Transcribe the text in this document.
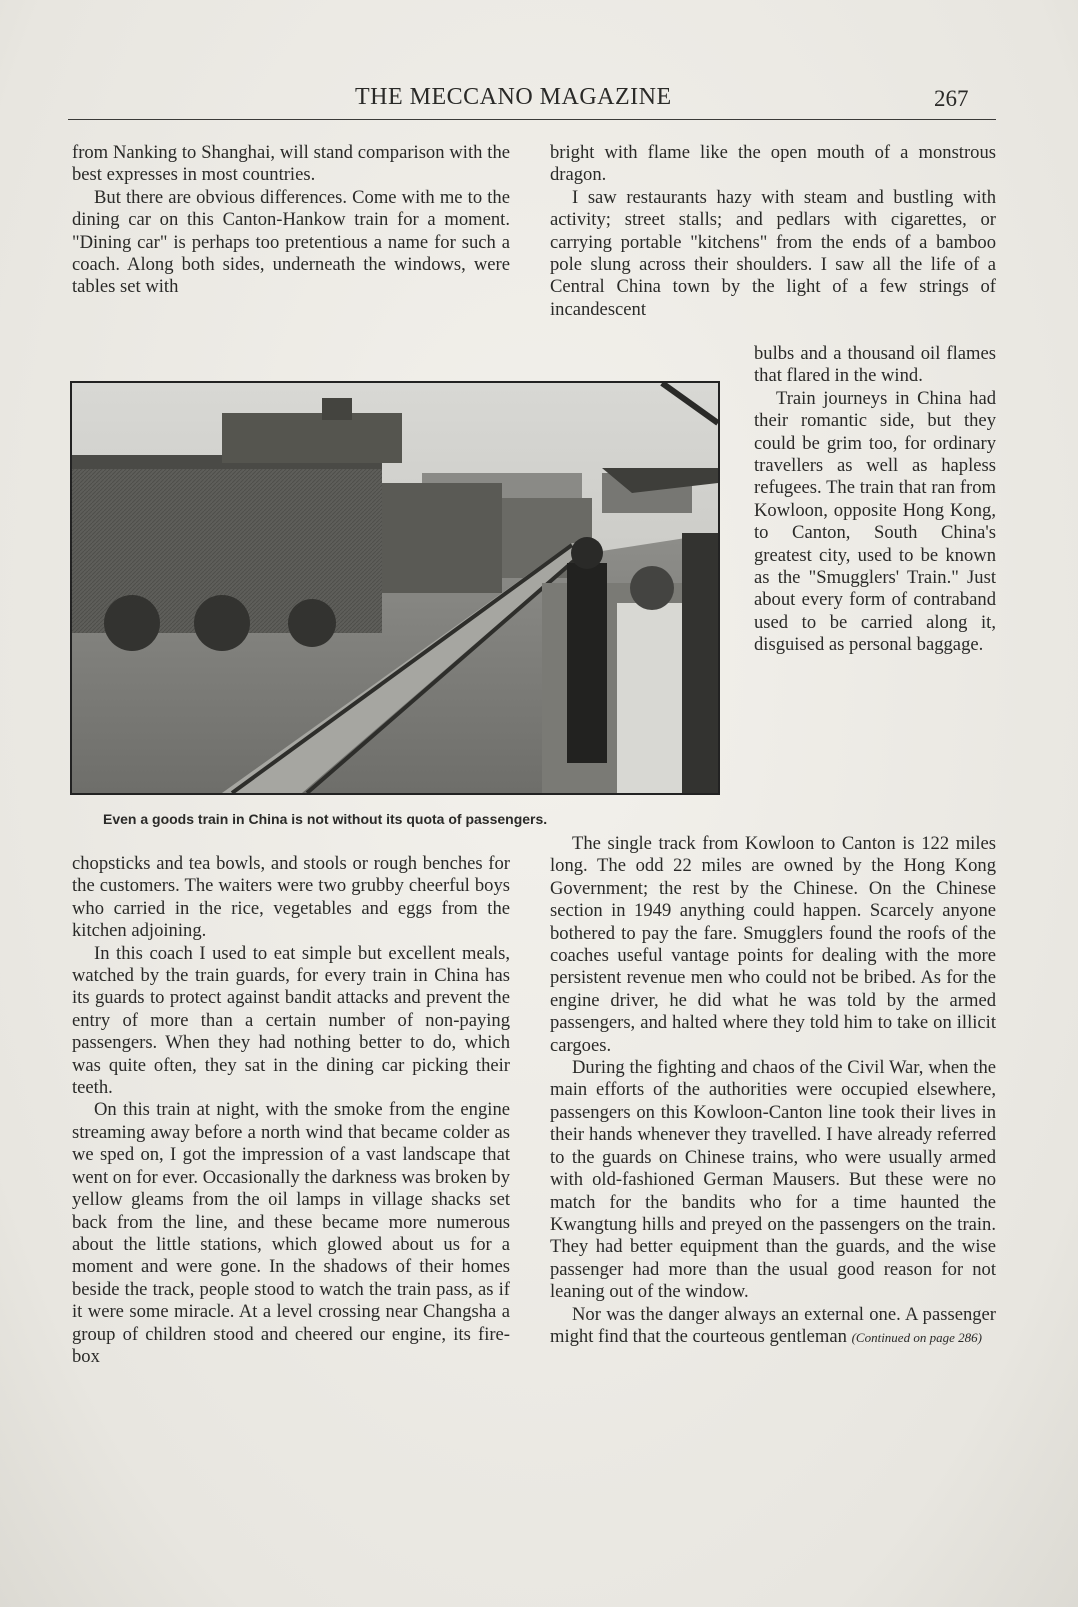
THE MECCANO MAGAZINE	267

from Nanking to Shanghai, will stand comparison with the best expresses in most countries.

But there are obvious differences. Come with me to the dining car on this Canton-Hankow train for a moment. "Dining car" is perhaps too pretentious a name for such a coach. Along both sides, underneath the windows, were tables set with

bright with flame like the open mouth of a monstrous dragon.

I saw restaurants hazy with steam and bustling with activity; street stalls; and pedlars with cigarettes, or carrying portable "kitchens" from the ends of a bamboo pole slung across their shoulders. I saw all the life of a Central China town by the light of a few strings of incandescent

bulbs and a thousand oil flames that flared in the wind.

Train journeys in China had their romantic side, but they could be grim too, for ordinary travellers as well as hapless refugees. The train that ran from Kowloon, opposite Hong Kong, to Canton, South China's greatest city, used to be known as the "Smugglers' Train." Just about every form of contraband used to be carried along it, disguised as personal baggage.

Even a goods train in China is not without its quota of passengers.

chopsticks and tea bowls, and stools or rough benches for the customers. The waiters were two grubby cheerful boys who carried in the rice, vegetables and eggs from the kitchen adjoining.

In this coach I used to eat simple but excellent meals, watched by the train guards, for every train in China has its guards to protect against bandit attacks and prevent the entry of more than a certain number of non-paying passengers. When they had nothing better to do, which was quite often, they sat in the dining car picking their teeth.

On this train at night, with the smoke from the engine streaming away before a north wind that became colder as we sped on, I got the impression of a vast landscape that went on for ever. Occasionally the darkness was broken by yellow gleams from the oil lamps in village shacks set back from the line, and these became more numerous about the little stations, which glowed about us for a moment and were gone. In the shadows of their homes beside the track, people stood to watch the train pass, as if it were some miracle. At a level crossing near Changsha a group of children stood and cheered our engine, its fire-box

The single track from Kowloon to Canton is 122 miles long. The odd 22 miles are owned by the Hong Kong Government; the rest by the Chinese. On the Chinese section in 1949 anything could happen. Scarcely anyone bothered to pay the fare. Smugglers found the roofs of the coaches useful vantage points for dealing with the more persistent revenue men who could not be bribed. As for the engine driver, he did what he was told by the armed passengers, and halted where they told him to take on illicit cargoes.

During the fighting and chaos of the Civil War, when the main efforts of the authorities were occupied elsewhere, passengers on this Kowloon-Canton line took their lives in their hands whenever they travelled. I have already referred to the guards on Chinese trains, who were usually armed with old-fashioned German Mausers. But these were no match for the bandits who for a time haunted the Kwangtung hills and preyed on the passengers on the train. They had better equipment than the guards, and the wise passenger had more than the usual good reason for not leaning out of the window.

Nor was the danger always an external one. A passenger might find that the courteous gentleman (Continued on page 286)
